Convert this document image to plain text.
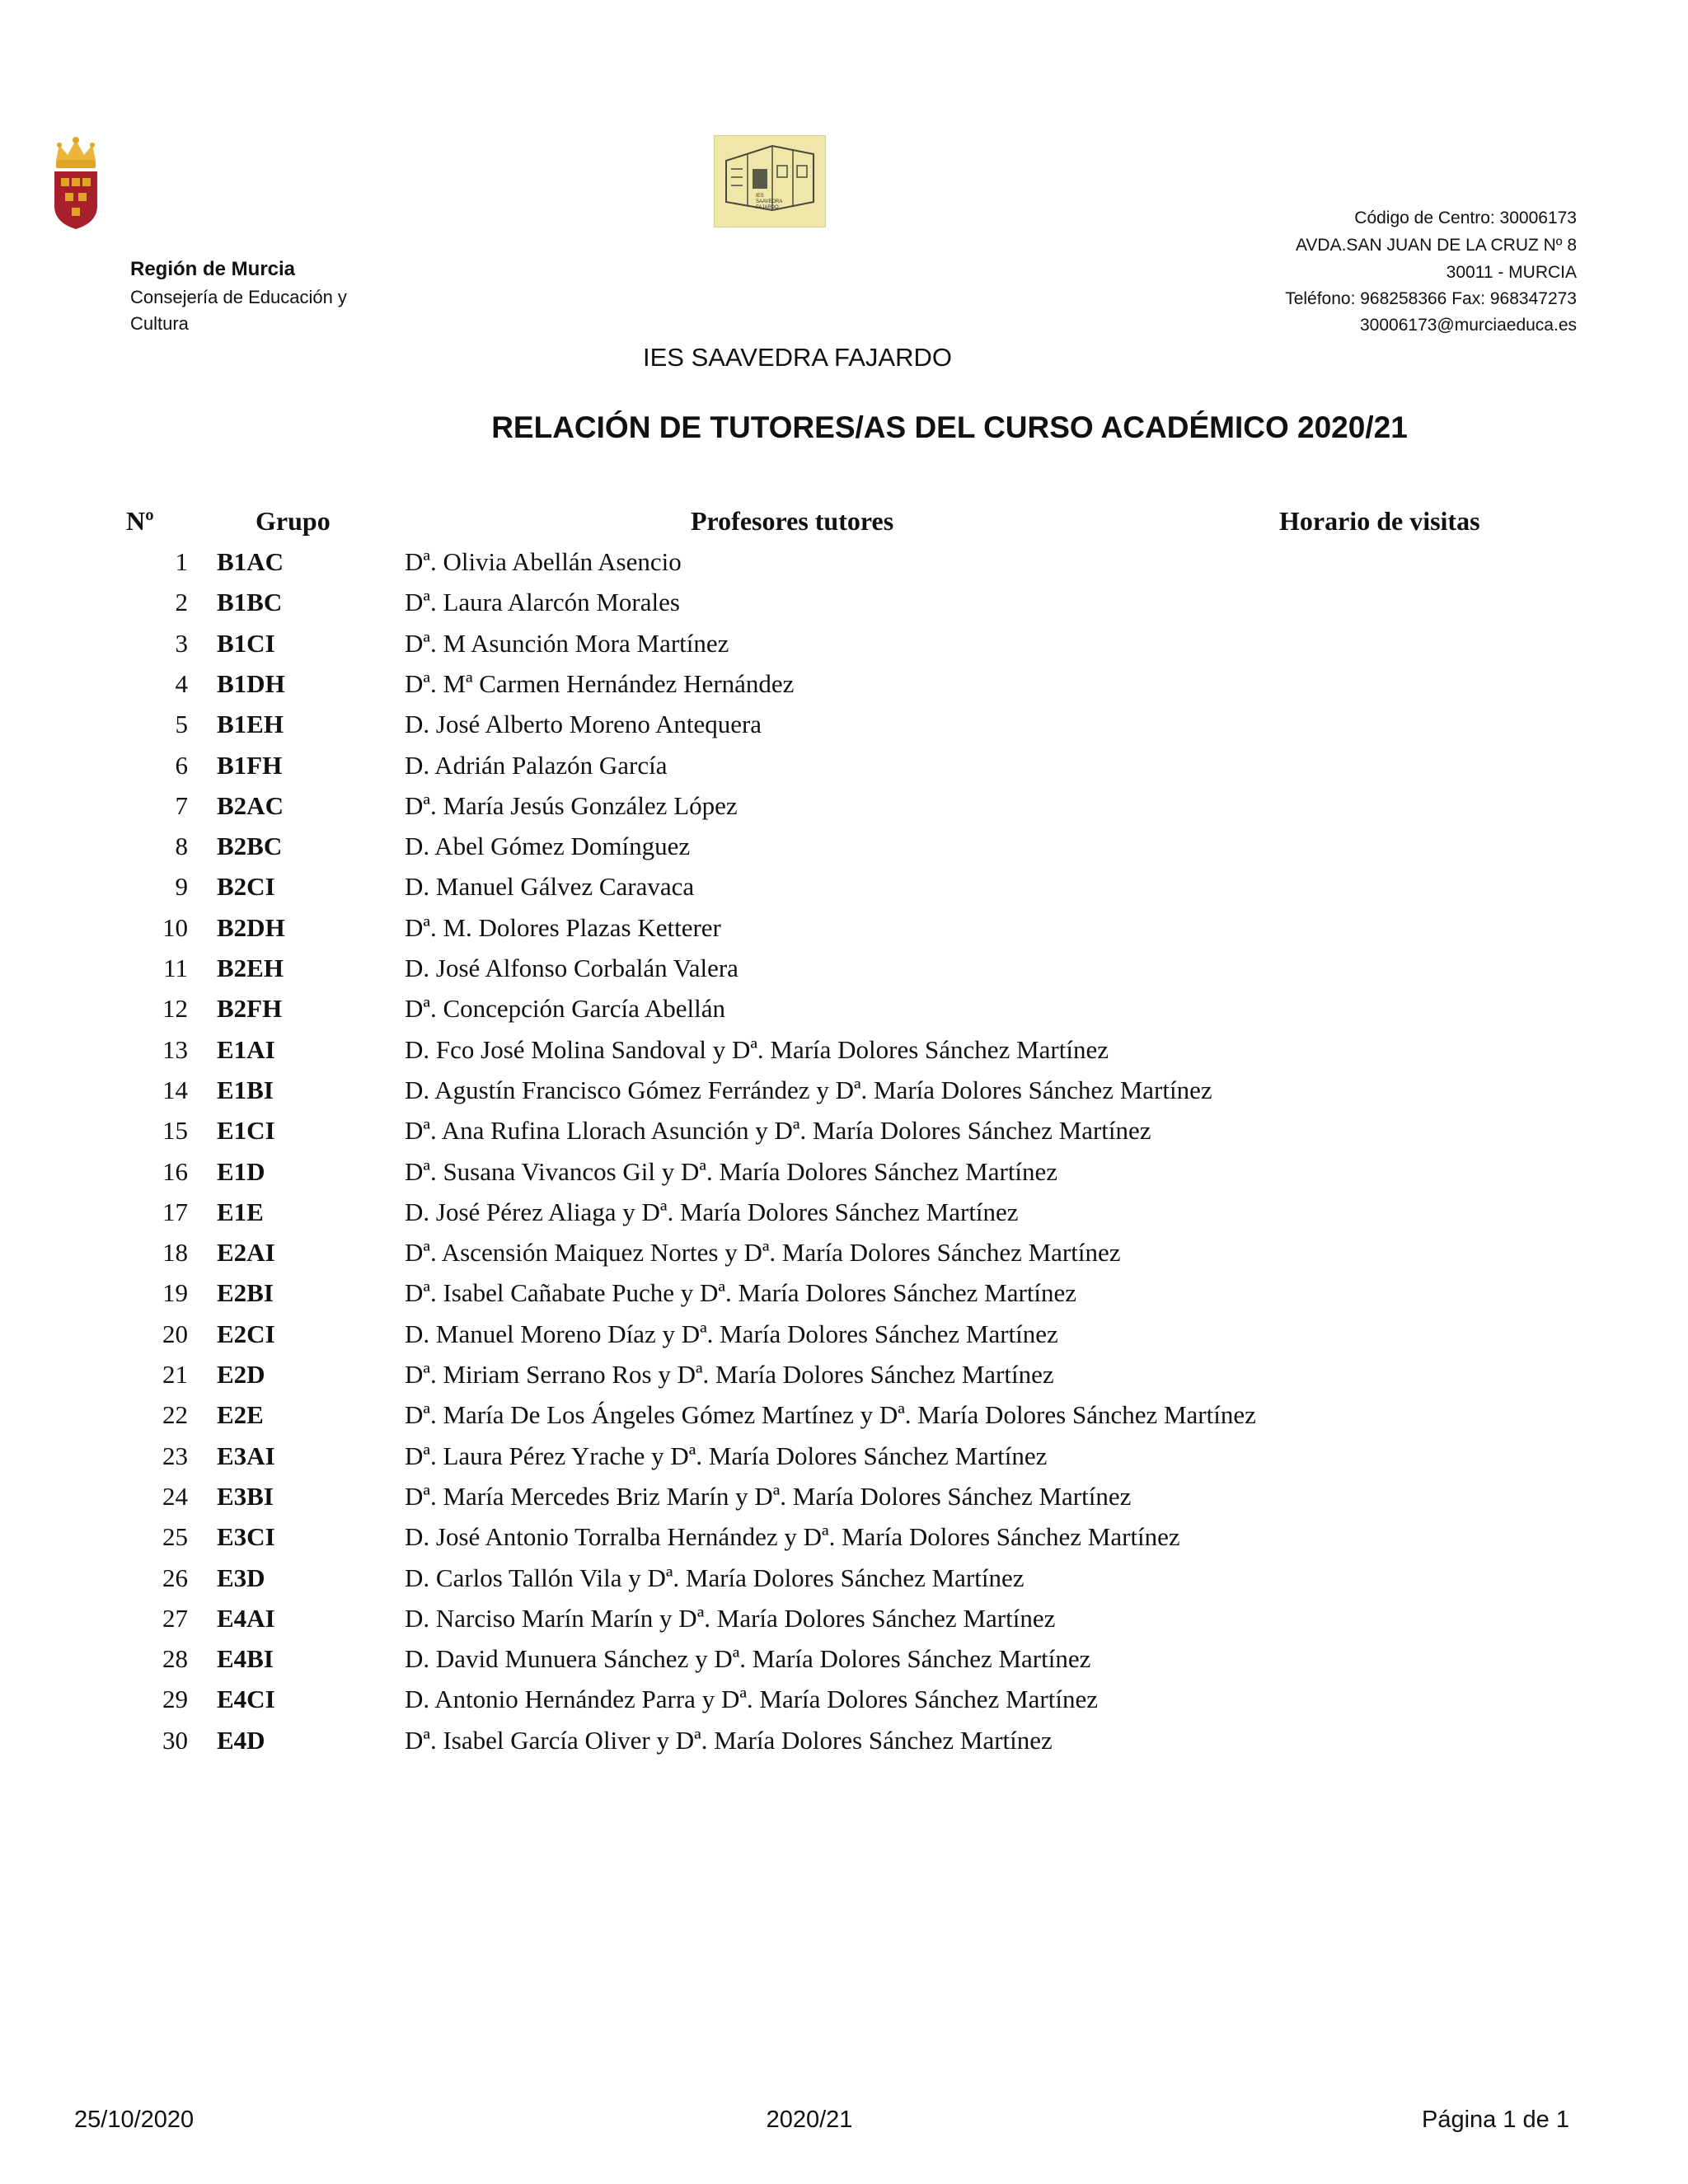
IES
SAAVEDRA
FAJARDO
Región de Murcia
Consejería de Educación y
Cultura
Código de Centro: 30006173
AVDA.SAN JUAN DE LA CRUZ Nº 8
30011 - MURCIA
Teléfono: 968258366 Fax: 968347273
30006173@murciaeduca.es
IES SAAVEDRA FAJARDO
RELACIÓN DE TUTORES/AS DEL CURSO ACADÉMICO 2020/21
Nº	Grupo	Profesores tutores	Horario de visitas
1 B1AC	Dª. Olivia Abellán Asencio
2 B1BC	Dª. Laura Alarcón Morales
3 B1CI	Dª. M Asunción Mora Martínez
4 B1DH	Dª. Mª Carmen Hernández Hernández
5 B1EH	D. José Alberto Moreno Antequera
6 B1FH	D. Adrián Palazón García
7 B2AC	Dª. María Jesús González López
8 B2BC	D. Abel Gómez Domínguez
9 B2CI	D. Manuel Gálvez Caravaca
10 B2DH	Dª. M. Dolores Plazas Ketterer
11 B2EH	D. José Alfonso Corbalán Valera
12 B2FH	Dª. Concepción García Abellán
13 E1AI	D. Fco José Molina Sandoval y Dª. María Dolores Sánchez Martínez
14 E1BI	D. Agustín Francisco Gómez Ferrández y Dª. María Dolores Sánchez Martínez
15 E1CI	Dª. Ana Rufina Llorach Asunción y Dª. María Dolores Sánchez Martínez
16 E1D	Dª. Susana Vivancos Gil y Dª. María Dolores Sánchez Martínez
17 E1E	D. José Pérez Aliaga y Dª. María Dolores Sánchez Martínez
18 E2AI	Dª. Ascensión Maiquez Nortes y Dª. María Dolores Sánchez Martínez
19 E2BI	Dª. Isabel Cañabate Puche y Dª. María Dolores Sánchez Martínez
20 E2CI	D. Manuel Moreno Díaz y Dª. María Dolores Sánchez Martínez
21 E2D	Dª. Miriam Serrano Ros y Dª. María Dolores Sánchez Martínez
22 E2E	Dª. María De Los Ángeles Gómez Martínez y Dª. María Dolores Sánchez Martínez
23 E3AI	Dª. Laura Pérez Yrache y Dª. María Dolores Sánchez Martínez
24 E3BI	Dª. María Mercedes Briz Marín y Dª. María Dolores Sánchez Martínez
25 E3CI	D. José Antonio Torralba Hernández y Dª. María Dolores Sánchez Martínez
26 E3D	D. Carlos Tallón Vila y Dª. María Dolores Sánchez Martínez
27 E4AI	D. Narciso Marín Marín y Dª. María Dolores Sánchez Martínez
28 E4BI	D. David Munuera Sánchez y Dª. María Dolores Sánchez Martínez
29 E4CI	D. Antonio Hernández Parra y Dª. María Dolores Sánchez Martínez
30 E4D	Dª. Isabel García Oliver y Dª. María Dolores Sánchez Martínez
25/10/2020	2020/21	Página 1 de 1
